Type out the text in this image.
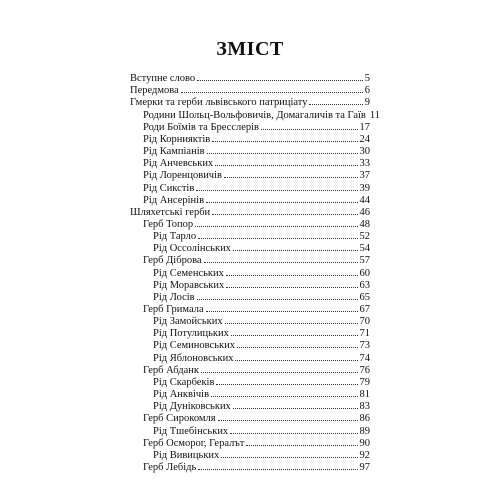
ЗМІСТ
Вступне слово	5
Передмова	6
Гмерки та герби львівського патриціату	9
Родини Шольц-Вольфовичів, Домагаличів та Гаїв 11
Роди Боїмів та Бресслерів	17
Рід Корнияктів	24
Рід Кампіанів	30
Рід Анчевських	33
Рід Лоренцовичів	37
Рід Сикстів	39
Рід Ансерінів	44
Шляхетські герби	46
Герб Топор	48
Рід Тарло	52
Рід Оссолінських	54
Герб Діброва	57
Рід Семенських	60
Рід Моравських	63
Рід Лосів	65
Герб Гримала	67
Рід Замойських	70
Рід Потулицьких	71
Рід Семиновських	73
Рід Яблоновських	74
Герб Абданк	76
Рід Скарбеків	79
Рід Анквічів	81
Рід Дуніковських	83
Герб Сирокомля	86
Рід Тшебінських	89
Герб Осморог, Гералът	90
Рід Вивицьких	92
Герб Лебідь	97
